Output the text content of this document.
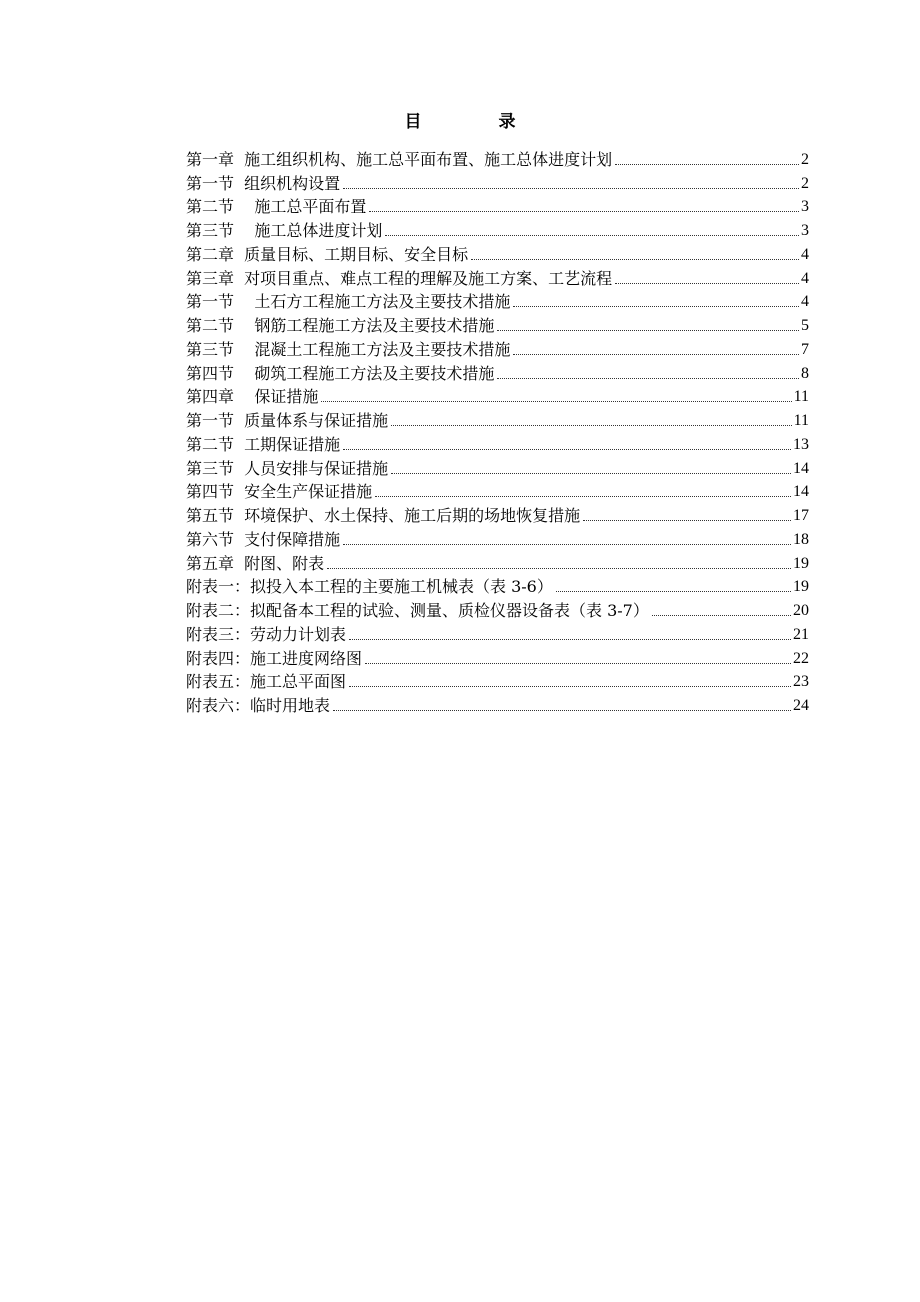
目　录
第一章  施工组织机构、施工总平面布置、施工总体进度计划	2
第一节  组织机构设置	2
第二节    施工总平面布置	3
第三节    施工总体进度计划	3
第二章  质量目标、工期目标、安全目标	4
第三章  对项目重点、难点工程的理解及施工方案、工艺流程	4
第一节    土石方工程施工方法及主要技术措施	4
第二节    钢筋工程施工方法及主要技术措施	5
第三节    混凝土工程施工方法及主要技术措施	7
第四节    砌筑工程施工方法及主要技术措施	8
第四章    保证措施	11
第一节  质量体系与保证措施	11
第二节  工期保证措施	13
第三节  人员安排与保证措施	14
第四节  安全生产保证措施	14
第五节  环境保护、水土保持、施工后期的场地恢复措施	17
第六节  支付保障措施	18
第五章  附图、附表	19
附表一：拟投入本工程的主要施工机械表（表 3-6）	19
附表二：拟配备本工程的试验、测量、质检仪器设备表（表 3-7）	20
附表三：劳动力计划表	21
附表四：施工进度网络图	22
附表五：施工总平面图	23
附表六：临时用地表	24
